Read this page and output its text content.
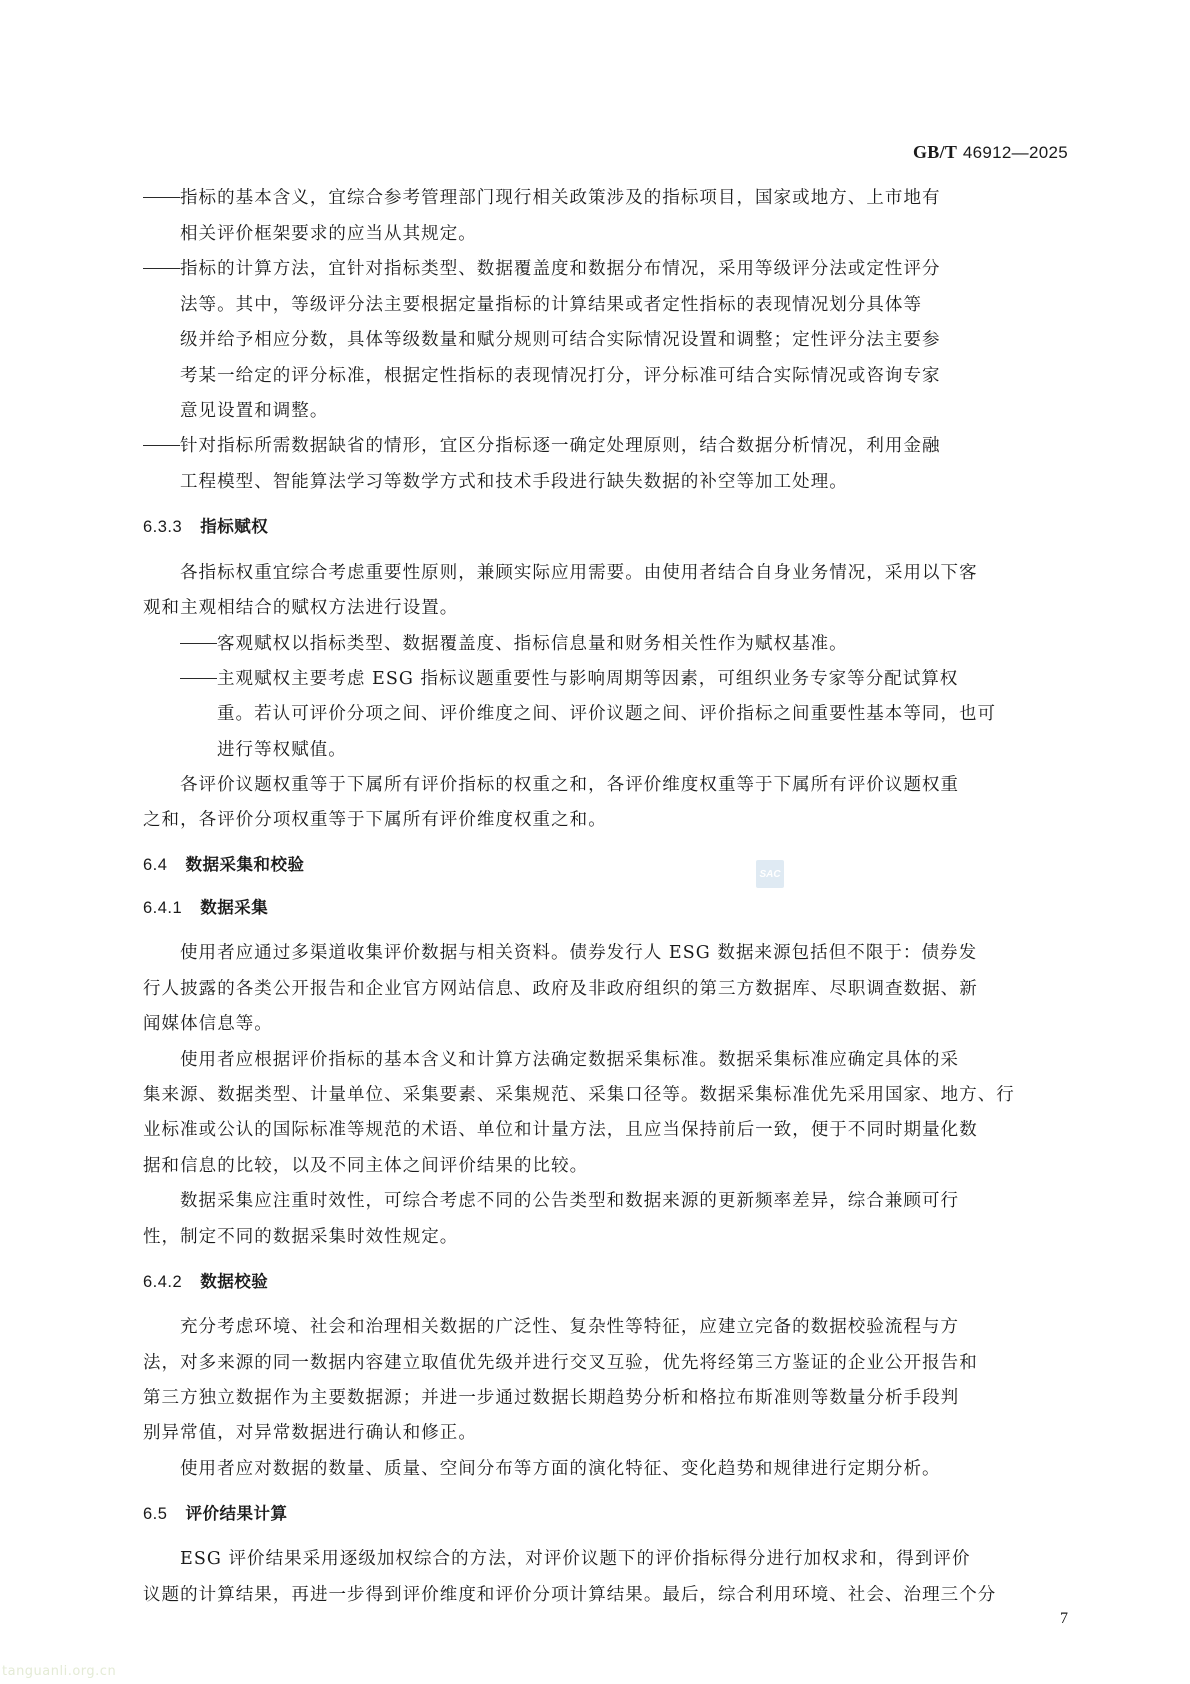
GB/T 46912—2025
指标的基本含义，宜综合参考管理部门现行相关政策涉及的指标项目，国家或地方、上市地有
相关评价框架要求的应当从其规定。
指标的计算方法，宜针对指标类型、数据覆盖度和数据分布情况，采用等级评分法或定性评分
法等。其中，等级评分法主要根据定量指标的计算结果或者定性指标的表现情况划分具体等
级并给予相应分数，具体等级数量和赋分规则可结合实际情况设置和调整；定性评分法主要参
考某一给定的评分标准，根据定性指标的表现情况打分，评分标准可结合实际情况或咨询专家
意见设置和调整。
针对指标所需数据缺省的情形，宜区分指标逐一确定处理原则，结合数据分析情况，利用金融
工程模型、智能算法学习等数学方式和技术手段进行缺失数据的补空等加工处理。
6.3.3 指标赋权
各指标权重宜综合考虑重要性原则，兼顾实际应用需要。由使用者结合自身业务情况，采用以下客
观和主观相结合的赋权方法进行设置。
客观赋权以指标类型、数据覆盖度、指标信息量和财务相关性作为赋权基准。
主观赋权主要考虑 ESG 指标议题重要性与影响周期等因素，可组织业务专家等分配试算权
重。若认可评价分项之间、评价维度之间、评价议题之间、评价指标之间重要性基本等同，也可
进行等权赋值。
各评价议题权重等于下属所有评价指标的权重之和，各评价维度权重等于下属所有评价议题权重
之和，各评价分项权重等于下属所有评价维度权重之和。
6.4 数据采集和校验
6.4.1 数据采集
使用者应通过多渠道收集评价数据与相关资料。债券发行人 ESG 数据来源包括但不限于：债券发
行人披露的各类公开报告和企业官方网站信息、政府及非政府组织的第三方数据库、尽职调查数据、新
闻媒体信息等。
使用者应根据评价指标的基本含义和计算方法确定数据采集标准。数据采集标准应确定具体的采
集来源、数据类型、计量单位、采集要素、采集规范、采集口径等。数据采集标准优先采用国家、地方、行
业标准或公认的国际标准等规范的术语、单位和计量方法，且应当保持前后一致，便于不同时期量化数
据和信息的比较，以及不同主体之间评价结果的比较。
数据采集应注重时效性，可综合考虑不同的公告类型和数据来源的更新频率差异，综合兼顾可行
性，制定不同的数据采集时效性规定。
6.4.2 数据校验
充分考虑环境、社会和治理相关数据的广泛性、复杂性等特征，应建立完备的数据校验流程与方
法，对多来源的同一数据内容建立取值优先级并进行交叉互验，优先将经第三方鉴证的企业公开报告和
第三方独立数据作为主要数据源；并进一步通过数据长期趋势分析和格拉布斯准则等数量分析手段判
别异常值，对异常数据进行确认和修正。
使用者应对数据的数量、质量、空间分布等方面的演化特征、变化趋势和规律进行定期分析。
6.5 评价结果计算
ESG 评价结果采用逐级加权综合的方法，对评价议题下的评价指标得分进行加权求和，得到评价
议题的计算结果，再进一步得到评价维度和评价分项计算结果。最后，综合利用环境、社会、治理三个分
7
SAC
tanguanli.org.cn
